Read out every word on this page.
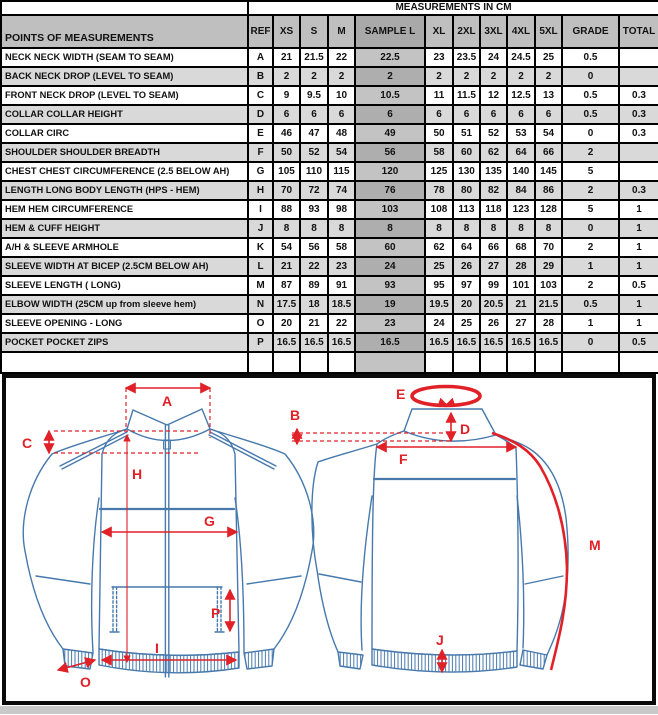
	MEASUREMENTS IN CM											
POINTS OF MEASUREMENTS	REF	XS	S	M	SAMPLE L	XL	2XL	3XL	4XL	5XL	GRADE	TOTAL
NECK NECK WIDTH (SEAM TO SEAM)	A	21	21.5	22	22.5	23	23.5	24	24.5	25	0.5	
BACK NECK DROP (LEVEL TO SEAM)	B	2	2	2	2	2	2	2	2	2	0	
FRONT NECK DROP (LEVEL TO SEAM)	C	9	9.5	10	10.5	11	11.5	12	12.5	13	0.5	0.3
COLLAR COLLAR HEIGHT	D	6	6	6	6	6	6	6	6	6	0.5	0.3
COLLAR CIRC	E	46	47	48	49	50	51	52	53	54	0	0.3
SHOULDER SHOULDER BREADTH	F	50	52	54	56	58	60	62	64	66	2	
CHEST CHEST CIRCUMFERENCE (2.5 BELOW AH)	G	105	110	115	120	125	130	135	140	145	5	
LENGTH LONG BODY LENGTH (HPS - HEM)	H	70	72	74	76	78	80	82	84	86	2	0.3
HEM HEM CIRCUMFERENCE	I	88	93	98	103	108	113	118	123	128	5	1
HEM & CUFF HEIGHT	J	8	8	8	8	8	8	8	8	8	0	1
A/H & SLEEVE ARMHOLE	K	54	56	58	60	62	64	66	68	70	2	1
SLEEVE WIDTH AT BICEP (2.5CM BELOW AH)	L	21	22	23	24	25	26	27	28	29	1	1
SLEEVE LENGTH ( LONG)	M	87	89	91	93	95	97	99	101	103	2	0.5
ELBOW WIDTH (25CM up from sleeve hem)	N	17.5	18	18.5	19	19.5	20	20.5	21	21.5	0.5	1
SLEEVE OPENING - LONG	O	20	21	22	23	24	25	26	27	28	1	1
POCKET POCKET ZIPS	P	16.5	16.5	16.5	16.5	16.5	16.5	16.5	16.5	16.5	0	0.5

A
C
H
G
P
I
O
E
B
D
F
M
J
